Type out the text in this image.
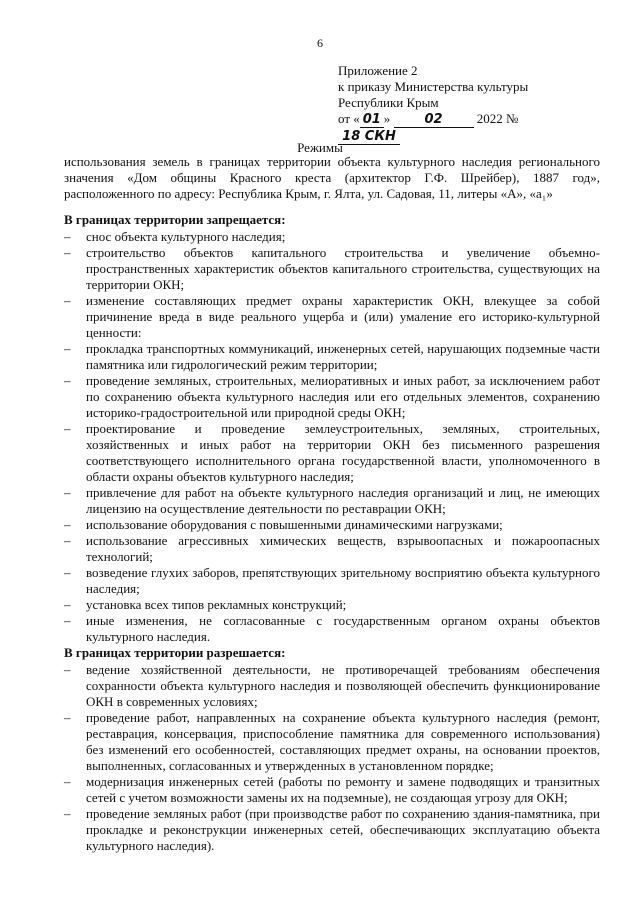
6
Приложение 2
к приказу Министерства культуры
Республики Крым
от « 01 »	02	2022 № 18 СКН
Режимы
использования земель в границах территории объекта культурного наследия регионального значения «Дом общины Красного креста (архитектор Г.Ф. Шрейбер), 1887 год», расположенного по адресу: Республика Крым, г. Ялта, ул. Садовая, 11, литеры «А», «а₁»
В границах территории запрещается:
– снос объекта культурного наследия;
– строительство объектов капитального строительства и увеличение объемно-пространственных характеристик объектов капитального строительства, существующих на территории ОКН;
– изменение составляющих предмет охраны характеристик ОКН, влекущее за собой причинение вреда в виде реального ущерба и (или) умаление его историко-культурной ценности:
– прокладка транспортных коммуникаций, инженерных сетей, нарушающих подземные части памятника или гидрологический режим территории;
– проведение земляных, строительных, мелиоративных и иных работ, за исключением работ по сохранению объекта культурного наследия или его отдельных элементов, сохранению историко-градостроительной или природной среды ОКН;
– проектирование и проведение землеустроительных, земляных, строительных, хозяйственных и иных работ на территории ОКН без письменного разрешения соответствующего исполнительного органа государственной власти, уполномоченного в области охраны объектов культурного наследия;
– привлечение для работ на объекте культурного наследия организаций и лиц, не имеющих лицензию на осуществление деятельности по реставрации ОКН;
– использование оборудования с повышенными динамическими нагрузками;
– использование агрессивных химических веществ, взрывоопасных и пожароопасных технологий;
– возведение глухих заборов, препятствующих зрительному восприятию объекта культурного наследия;
– установка всех типов рекламных конструкций;
– иные изменения, не согласованные с государственным органом охраны объектов культурного наследия.
В границах территории разрешается:
– ведение хозяйственной деятельности, не противоречащей требованиям обеспечения сохранности объекта культурного наследия и позволяющей обеспечить функционирование ОКН в современных условиях;
– проведение работ, направленных на сохранение объекта культурного наследия (ремонт, реставрация, консервация, приспособление памятника для современного использования) без изменений его особенностей, составляющих предмет охраны, на основании проектов, выполненных, согласованных и утвержденных в установленном порядке;
– модернизация инженерных сетей (работы по ремонту и замене подводящих и транзитных сетей с учетом возможности замены их на подземные), не создающая угрозу для ОКН;
– проведение земляных работ (при производстве работ по сохранению здания-памятника, при прокладке и реконструкции инженерных сетей, обеспечивающих эксплуатацию объекта культурного наследия).
